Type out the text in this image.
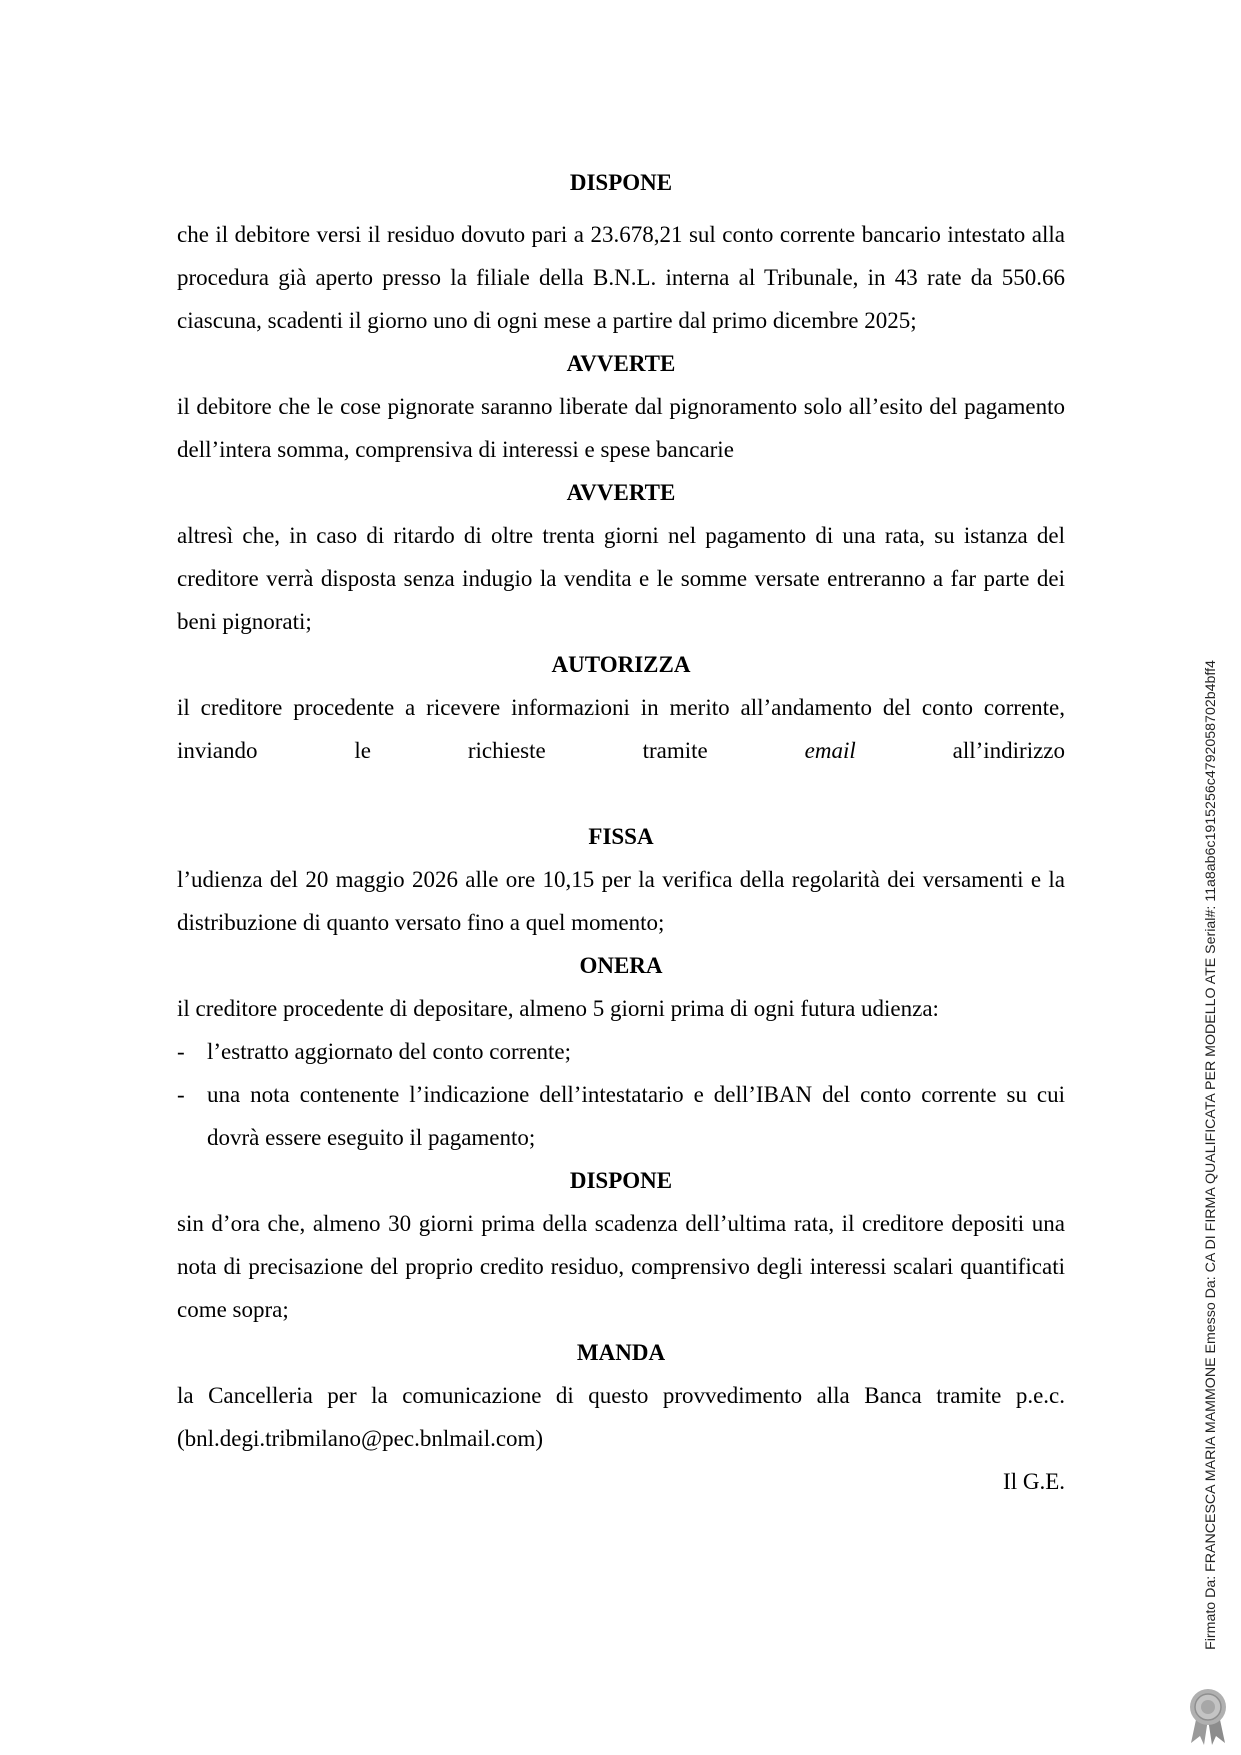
DISPONE

che il debitore versi il residuo dovuto pari a 23.678,21 sul conto corrente bancario intestato alla procedura già aperto presso la filiale della B.N.L. interna al Tribunale, in 43 rate da 550.66 ciascuna, scadenti il giorno uno di ogni mese a partire dal primo dicembre 2025;

AVVERTE

il debitore che le cose pignorate saranno liberate dal pignoramento solo all’esito del pagamento dell’intera somma, comprensiva di interessi e spese bancarie

AVVERTE

altresì che, in caso di ritardo di oltre trenta giorni nel pagamento di una rata, su istanza del creditore verrà disposta senza indugio la vendita e le somme versate entreranno a far parte dei beni pignorati;

AUTORIZZA

il creditore procedente a ricevere informazioni in merito all’andamento del conto corrente, inviando le richieste tramite	email	all’indirizzo

FISSA

l’udienza del 20 maggio 2026 alle ore 10,15 per la verifica della regolarità dei versamenti e la distribuzione di quanto versato fino a quel momento;

ONERA

il creditore procedente di depositare, almeno 5 giorni prima di ogni futura udienza:

- l’estratto aggiornato del conto corrente;
- una nota contenente l’indicazione dell’intestatario e dell’IBAN del conto corrente su cui dovrà essere eseguito il pagamento;

DISPONE

sin d’ora che, almeno 30 giorni prima della scadenza dell’ultima rata, il creditore depositi una nota di precisazione del proprio credito residuo, comprensivo degli interessi scalari quantificati come sopra;

MANDA

la Cancelleria per la comunicazione di questo provvedimento alla Banca tramite p.e.c. (bnl.degi.tribmilano@pec.bnlmail.com)

Il G.E.	Firmato Da: FRANCESCA MARIA MAMMONE Emesso Da: CA DI FIRMA QUALIFICATA PER MODELLO ATE Serial#: 11a8ab6c1915256c4792058702b4bff4
